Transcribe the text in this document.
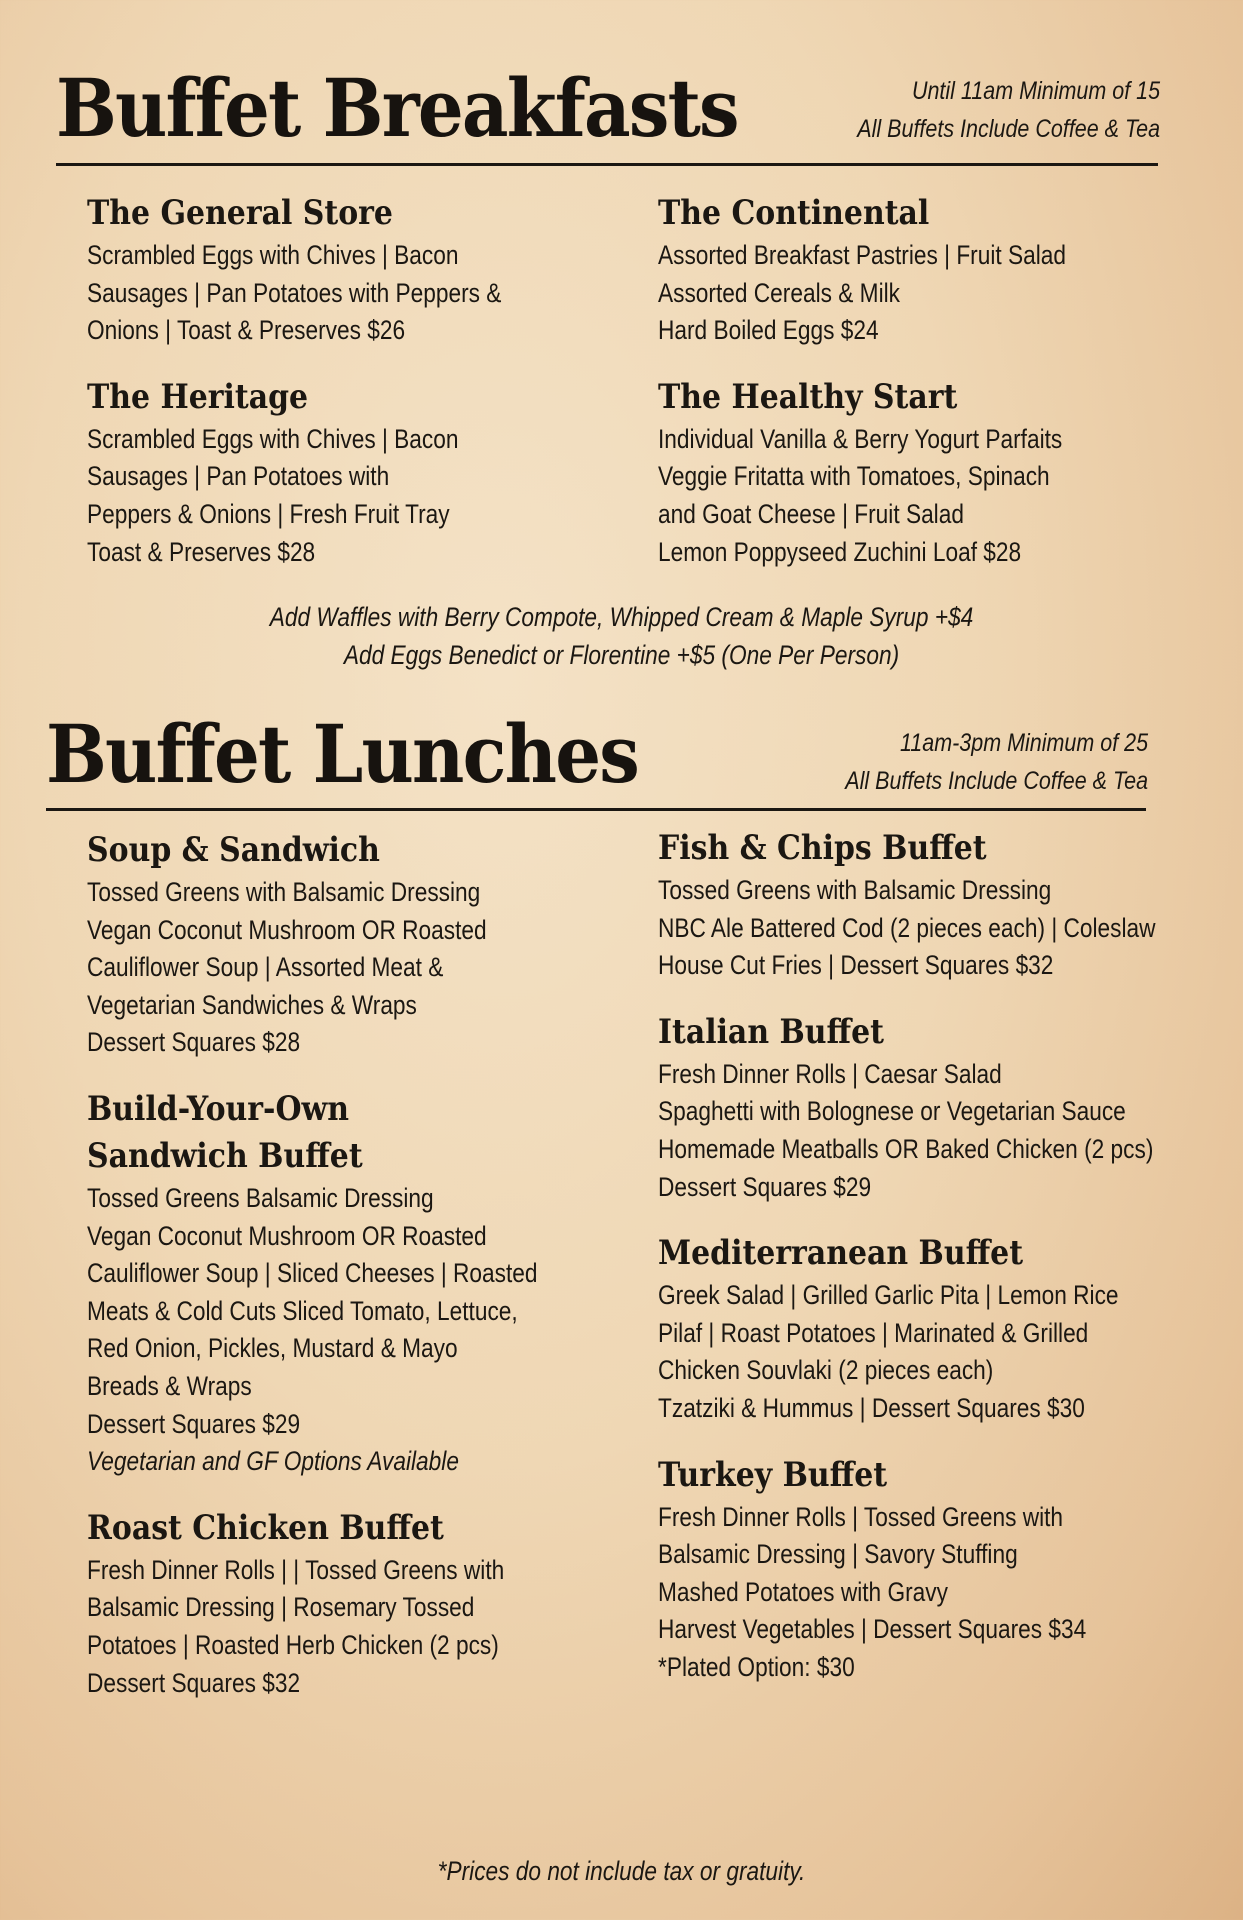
Buffet Breakfasts	Until 11am Minimum of 15
All Buffets Include Coffee & Tea
The General Store
Scrambled Eggs with Chives | Bacon
Sausages | Pan Potatoes with Peppers &
Onions | Toast & Preserves $26
The Heritage
Scrambled Eggs with Chives | Bacon
Sausages | Pan Potatoes with
Peppers & Onions | Fresh Fruit Tray
Toast & Preserves $28
The Continental
Assorted Breakfast Pastries | Fruit Salad
Assorted Cereals & Milk
Hard Boiled Eggs $24
The Healthy Start
Individual Vanilla & Berry Yogurt Parfaits
Veggie Fritatta with Tomatoes, Spinach
and Goat Cheese | Fruit Salad
Lemon Poppyseed Zuchini Loaf $28
Add Waffles with Berry Compote, Whipped Cream & Maple Syrup +$4
Add Eggs Benedict or Florentine +$5 (One Per Person)
Buffet Lunches	11am-3pm Minimum of 25
All Buffets Include Coffee & Tea
Soup & Sandwich
Tossed Greens with Balsamic Dressing
Vegan Coconut Mushroom OR Roasted
Cauliflower Soup | Assorted Meat &
Vegetarian Sandwiches & Wraps
Dessert Squares $28
Build-Your-Own
Sandwich Buffet
Tossed Greens Balsamic Dressing
Vegan Coconut Mushroom OR Roasted
Cauliflower Soup | Sliced Cheeses | Roasted
Meats & Cold Cuts Sliced Tomato, Lettuce,
Red Onion, Pickles, Mustard & Mayo
Breads & Wraps
Dessert Squares $29
Vegetarian and GF Options Available
Roast Chicken Buffet
Fresh Dinner Rolls | | Tossed Greens with
Balsamic Dressing | Rosemary Tossed
Potatoes | Roasted Herb Chicken (2 pcs)
Dessert Squares $32
Fish & Chips Buffet
Tossed Greens with Balsamic Dressing
NBC Ale Battered Cod (2 pieces each) | Coleslaw
House Cut Fries | Dessert Squares $32
Italian Buffet
Fresh Dinner Rolls | Caesar Salad
Spaghetti with Bolognese or Vegetarian Sauce
Homemade Meatballs OR Baked Chicken (2 pcs)
Dessert Squares $29
Mediterranean Buffet
Greek Salad | Grilled Garlic Pita | Lemon Rice
Pilaf | Roast Potatoes | Marinated & Grilled
Chicken Souvlaki (2 pieces each)
Tzatziki & Hummus | Dessert Squares $30
Turkey Buffet
Fresh Dinner Rolls | Tossed Greens with
Balsamic Dressing | Savory Stuffing
Mashed Potatoes with Gravy
Harvest Vegetables | Dessert Squares $34
*Plated Option: $30
*Prices do not include tax or gratuity.
